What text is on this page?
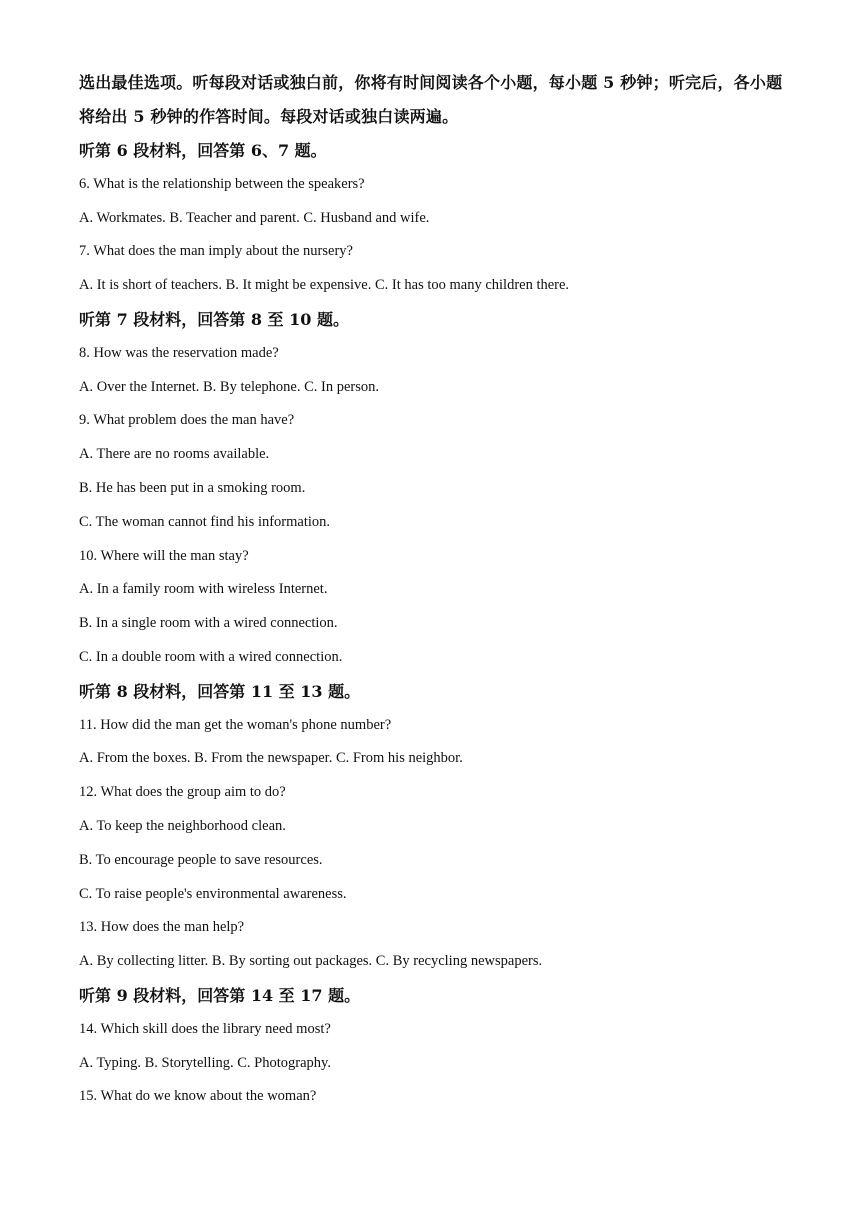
选出最佳选项。听每段对话或独白前，你将有时间阅读各个小题，每小题 5 秒钟；听完后，各小题将给出 5 秒钟的作答时间。每段对话或独白读两遍。

听第 6 段材料，回答第 6、7 题。

6. What is the relationship between the speakers?

A. Workmates. B. Teacher and parent. C. Husband and wife.

7. What does the man imply about the nursery?

A. It is short of teachers. B. It might be expensive. C. It has too many children there.

听第 7 段材料，回答第 8 至 10 题。

8. How was the reservation made?

A. Over the Internet. B. By telephone. C. In person.

9. What problem does the man have?

A. There are no rooms available.

B. He has been put in a smoking room.

C. The woman cannot find his information.

10. Where will the man stay?

A. In a family room with wireless Internet.

B. In a single room with a wired connection.

C. In a double room with a wired connection.

听第 8 段材料，回答第 11 至 13 题。

11. How did the man get the woman's phone number?

A. From the boxes. B. From the newspaper. C. From his neighbor.

12. What does the group aim to do?

A. To keep the neighborhood clean.

B. To encourage people to save resources.

C. To raise people's environmental awareness.

13. How does the man help?

A. By collecting litter. B. By sorting out packages. C. By recycling newspapers.

听第 9 段材料，回答第 14 至 17 题。

14. Which skill does the library need most?

A. Typing. B. Storytelling. C. Photography.

15. What do we know about the woman?
